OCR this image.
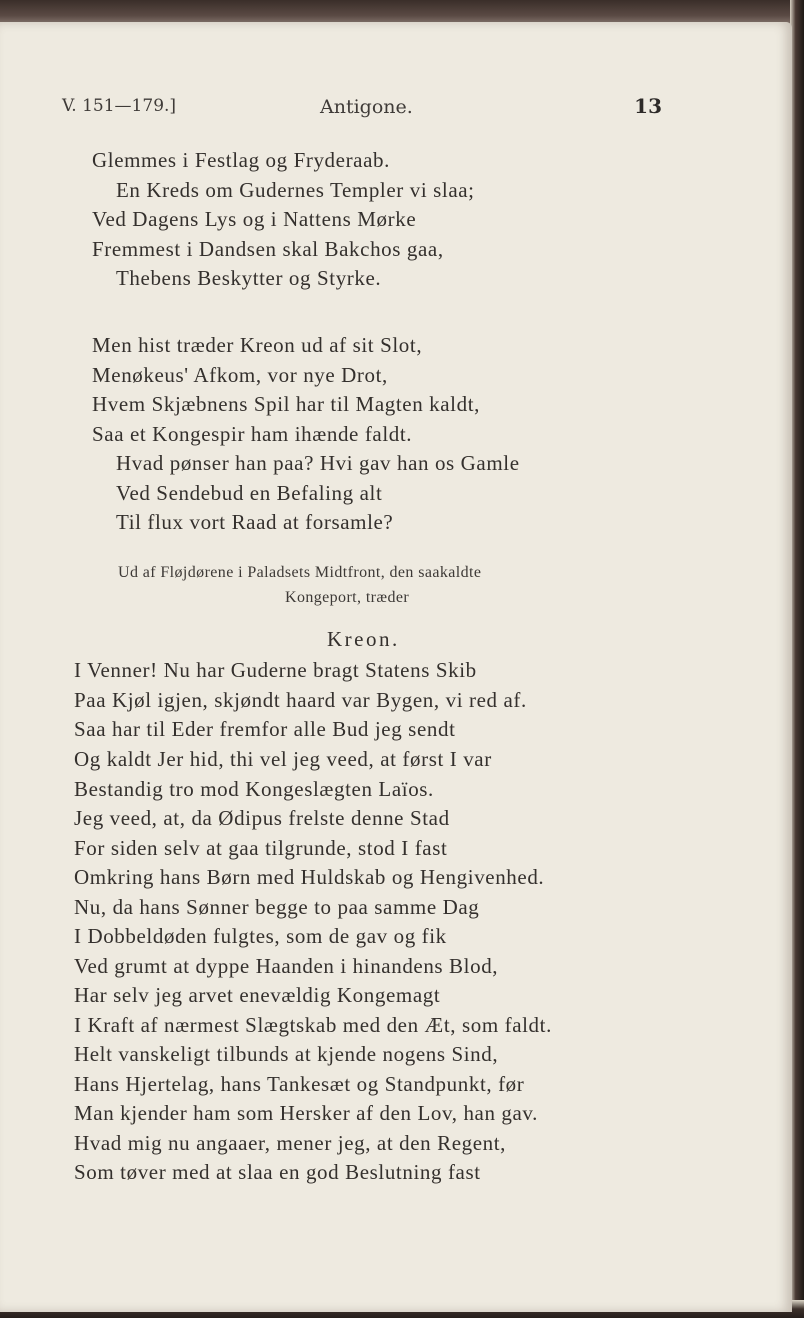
V. 151—179.]	Antigone.	13
Glemmes i Festlag og Fryderaab.
En Kreds om Gudernes Templer vi slaa;
Ved Dagens Lys og i Nattens Mørke
Fremmest i Dandsen skal Bakchos gaa,
Thebens Beskytter og Styrke.
Men hist træder Kreon ud af sit Slot,
Menøkeus' Afkom, vor nye Drot,
Hvem Skjæbnens Spil har til Magten kaldt,
Saa et Kongespir ham ihænde faldt.
Hvad pønser han paa? Hvi gav han os Gamle
Ved Sendebud en Befaling alt
Til flux vort Raad at forsamle?
Ud af Fløjdørene i Paladsets Midtfront, den saakaldte
Kongeport, træder
Kreon.
I Venner! Nu har Guderne bragt Statens Skib
Paa Kjøl igjen, skjøndt haard var Bygen, vi red af.
Saa har til Eder fremfor alle Bud jeg sendt
Og kaldt Jer hid, thi vel jeg veed, at først I var
Bestandig tro mod Kongeslægten Laïos.
Jeg veed, at, da Ødipus frelste denne Stad
For siden selv at gaa tilgrunde, stod I fast
Omkring hans Børn med Huldskab og Hengivenhed.
Nu, da hans Sønner begge to paa samme Dag
I Dobbeldøden fulgtes, som de gav og fik
Ved grumt at dyppe Haanden i hinandens Blod,
Har selv jeg arvet enevældig Kongemagt
I Kraft af nærmest Slægtskab med den Æt, som faldt.
Helt vanskeligt tilbunds at kjende nogens Sind,
Hans Hjertelag, hans Tankesæt og Standpunkt, før
Man kjender ham som Hersker af den Lov, han gav.
Hvad mig nu angaaer, mener jeg, at den Regent,
Som tøver med at slaa en god Beslutning fast
